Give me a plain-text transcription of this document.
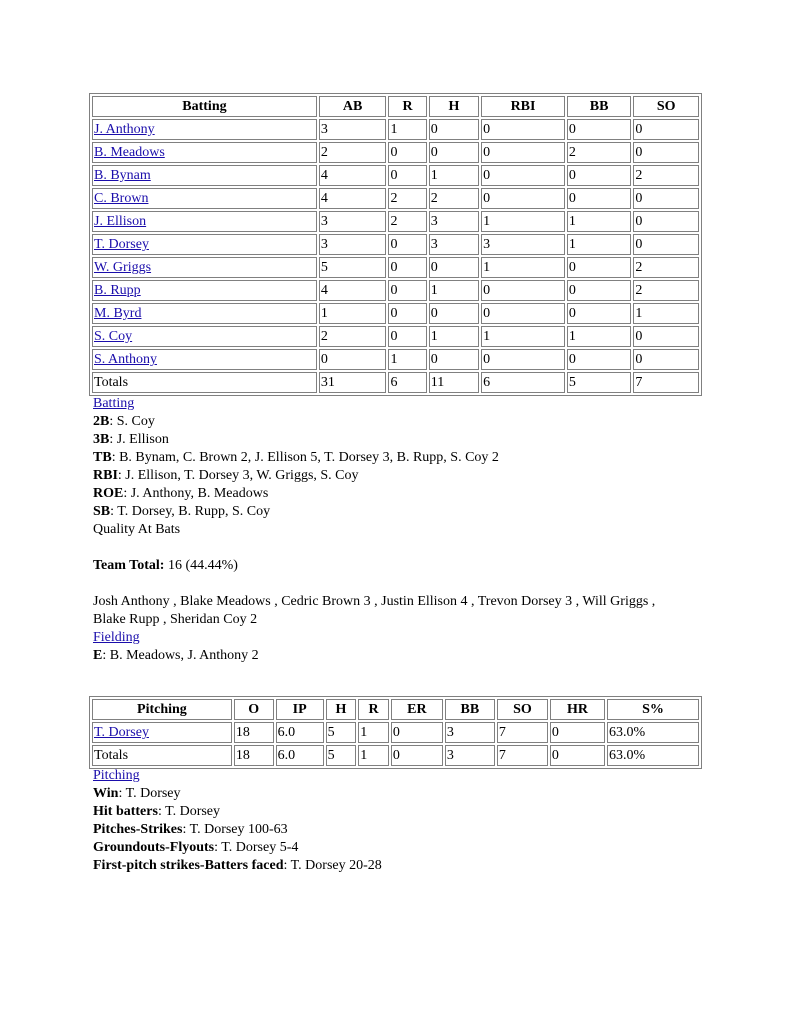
Batting	AB	R	H	RBI	BB	SO
J. Anthony	3	1	0	0	0	0
B. Meadows	2	0	0	0	2	0
B. Bynam	4	0	1	0	0	2
C. Brown	4	2	2	0	0	0
J. Ellison	3	2	3	1	1	0
T. Dorsey	3	0	3	3	1	0
W. Griggs	5	0	0	1	0	2
B. Rupp	4	0	1	0	0	2
M. Byrd	1	0	0	0	0	1
S. Coy	2	0	1	1	1	0
S. Anthony	0	1	0	0	0	0
Totals	31	6	11	6	5	7
Batting
2B: S. Coy
3B: J. Ellison
TB: B. Bynam, C. Brown 2, J. Ellison 5, T. Dorsey 3, B. Rupp, S. Coy 2
RBI: J. Ellison, T. Dorsey 3, W. Griggs, S. Coy
ROE: J. Anthony, B. Meadows
SB: T. Dorsey, B. Rupp, S. Coy
Quality At Bats
Team Total: 16 (44.44%)
Josh Anthony , Blake Meadows , Cedric Brown 3 , Justin Ellison 4 , Trevon Dorsey 3 , Will Griggs , Blake Rupp , Sheridan Coy 2
Fielding
E: B. Meadows, J. Anthony 2
Pitching	O	IP	H	R	ER	BB	SO	HR	S%
T. Dorsey	18	6.0	5	1	0	3	7	0	63.0%
Totals	18	6.0	5	1	0	3	7	0	63.0%
Pitching
Win: T. Dorsey
Hit batters: T. Dorsey
Pitches-Strikes: T. Dorsey 100-63
Groundouts-Flyouts: T. Dorsey 5-4
First-pitch strikes-Batters faced: T. Dorsey 20-28
